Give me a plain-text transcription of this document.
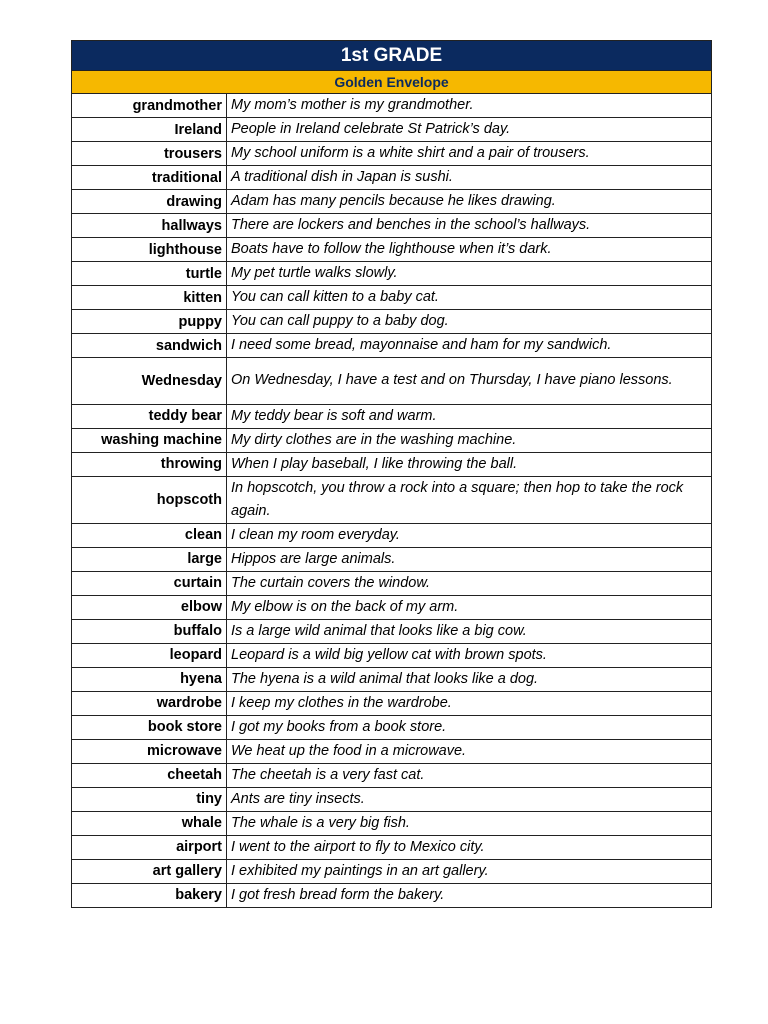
1st GRADE	
Golden Envelope	
grandmother	My mom’s mother is my grandmother.
Ireland	People in Ireland celebrate St Patrick’s day.
trousers	My school uniform is a white shirt and a pair of trousers.
traditional	A traditional dish in Japan is sushi.
drawing	Adam has many pencils because he likes drawing.
hallways	There are lockers and benches in the school’s hallways.
lighthouse	Boats have to follow the lighthouse when it’s dark.
turtle	My pet turtle walks slowly.
kitten	You can call kitten to a baby cat.
puppy	You can call puppy to a baby dog.
sandwich	I need some bread, mayonnaise and ham for my sandwich.
Wednesday	On Wednesday, I have a test and on Thursday, I have piano lessons.
teddy bear	My teddy bear is soft and warm.
washing machine	My dirty clothes are in the washing machine.
throwing	When I play baseball, I like throwing the ball.
hopscoth	In hopscotch, you throw a rock into a square; then hop to take the rock again.
clean	I clean my room everyday.
large	Hippos are large animals.
curtain	The curtain covers the window.
elbow	My elbow is on the back of my arm.
buffalo	Is a large wild animal that looks like a big cow.
leopard	Leopard is a wild big yellow cat with brown spots.
hyena	The hyena is a wild animal that looks like a dog.
wardrobe	I keep my clothes in the wardrobe.
book store	I got my books from a book store.
microwave	We heat up the food in a microwave.
cheetah	The cheetah is a very fast cat.
tiny	Ants are tiny insects.
whale	The whale is a very big fish.
airport	I went to the airport to fly to Mexico city.
art gallery	I exhibited my paintings in an art gallery.
bakery	I got fresh bread form the bakery.
